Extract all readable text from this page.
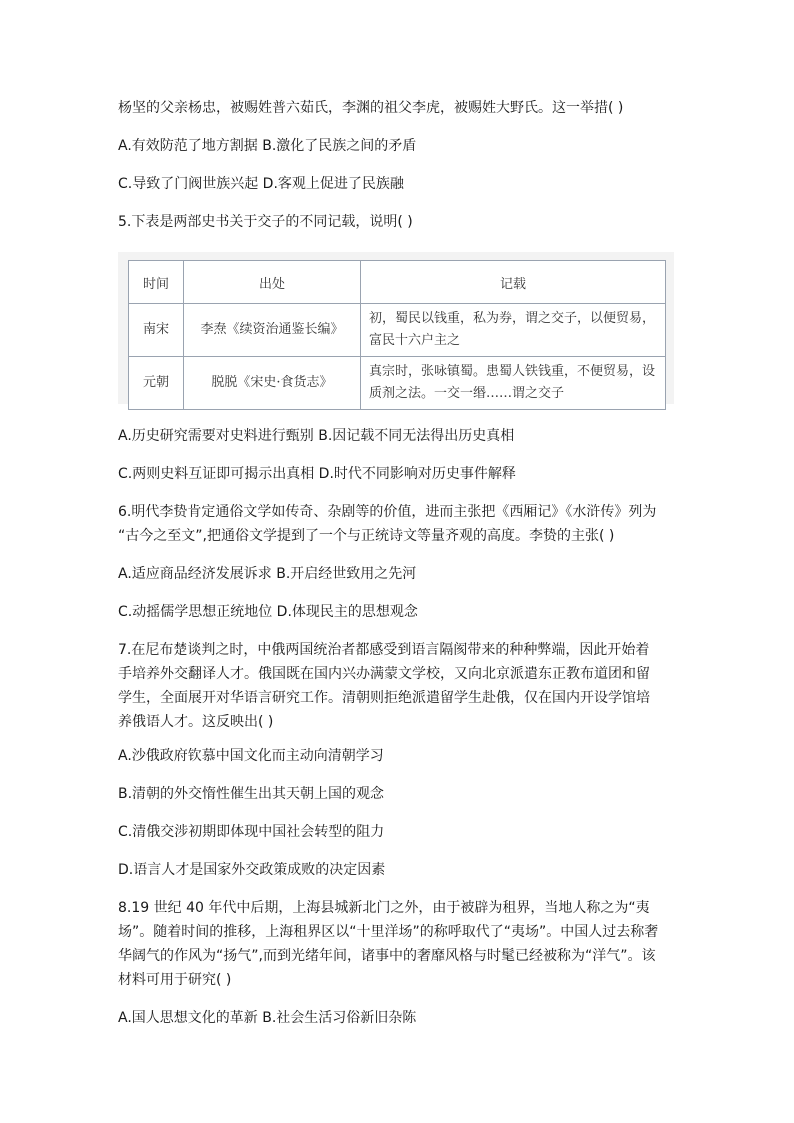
杨坚的父亲杨忠，被赐姓普六茹氏，李渊的祖父李虎，被赐姓大野氏。这一举措( )
A.有效防范了地方割据 B.激化了民族之间的矛盾
C.导致了门阀世族兴起 D.客观上促进了民族融
5.下表是两部史书关于交子的不同记载，说明( )
时间	出处	记载
南宋	李焘《续资治通鉴长编》	初，蜀民以钱重，私为券，谓之交子，以便贸易，富民十六户主之
元朝	脱脱《宋史·食货志》	真宗时，张咏镇蜀。患蜀人铁钱重，不便贸易，设质剂之法。一交一缗……谓之交子
A.历史研究需要对史料进行甄别 B.因记载不同无法得出历史真相
C.两则史料互证即可揭示出真相 D.时代不同影响对历史事件解释
6.明代李贽肯定通俗文学如传奇、杂剧等的价值，进而主张把《西厢记》《水浒传》列为
“古今之至文”,把通俗文学提到了一个与正统诗文等量齐观的高度。李贽的主张( )
A.适应商品经济发展诉求 B.开启经世致用之先河
C.动摇儒学思想正统地位 D.体现民主的思想观念
7.在尼布楚谈判之时，中俄两国统治者都感受到语言隔阂带来的种种弊端，因此开始着
手培养外交翻译人才。俄国既在国内兴办满蒙文学校，又向北京派遣东正教布道团和留
学生，全面展开对华语言研究工作。清朝则拒绝派遣留学生赴俄，仅在国内开设学馆培
养俄语人才。这反映出( )
A.沙俄政府钦慕中国文化而主动向清朝学习
B.清朝的外交惰性催生出其天朝上国的观念
C.清俄交涉初期即体现中国社会转型的阻力
D.语言人才是国家外交政策成败的决定因素
8.19 世纪 40 年代中后期，上海县城新北门之外，由于被辟为租界，当地人称之为“夷
场”。随着时间的推移，上海租界区以“十里洋场”的称呼取代了“夷场”。中国人过去称奢
华阔气的作风为“扬气”,而到光绪年间，诸事中的奢靡风格与时髦已经被称为“洋气”。该
材料可用于研究( )
A.国人思想文化的革新 B.社会生活习俗新旧杂陈
